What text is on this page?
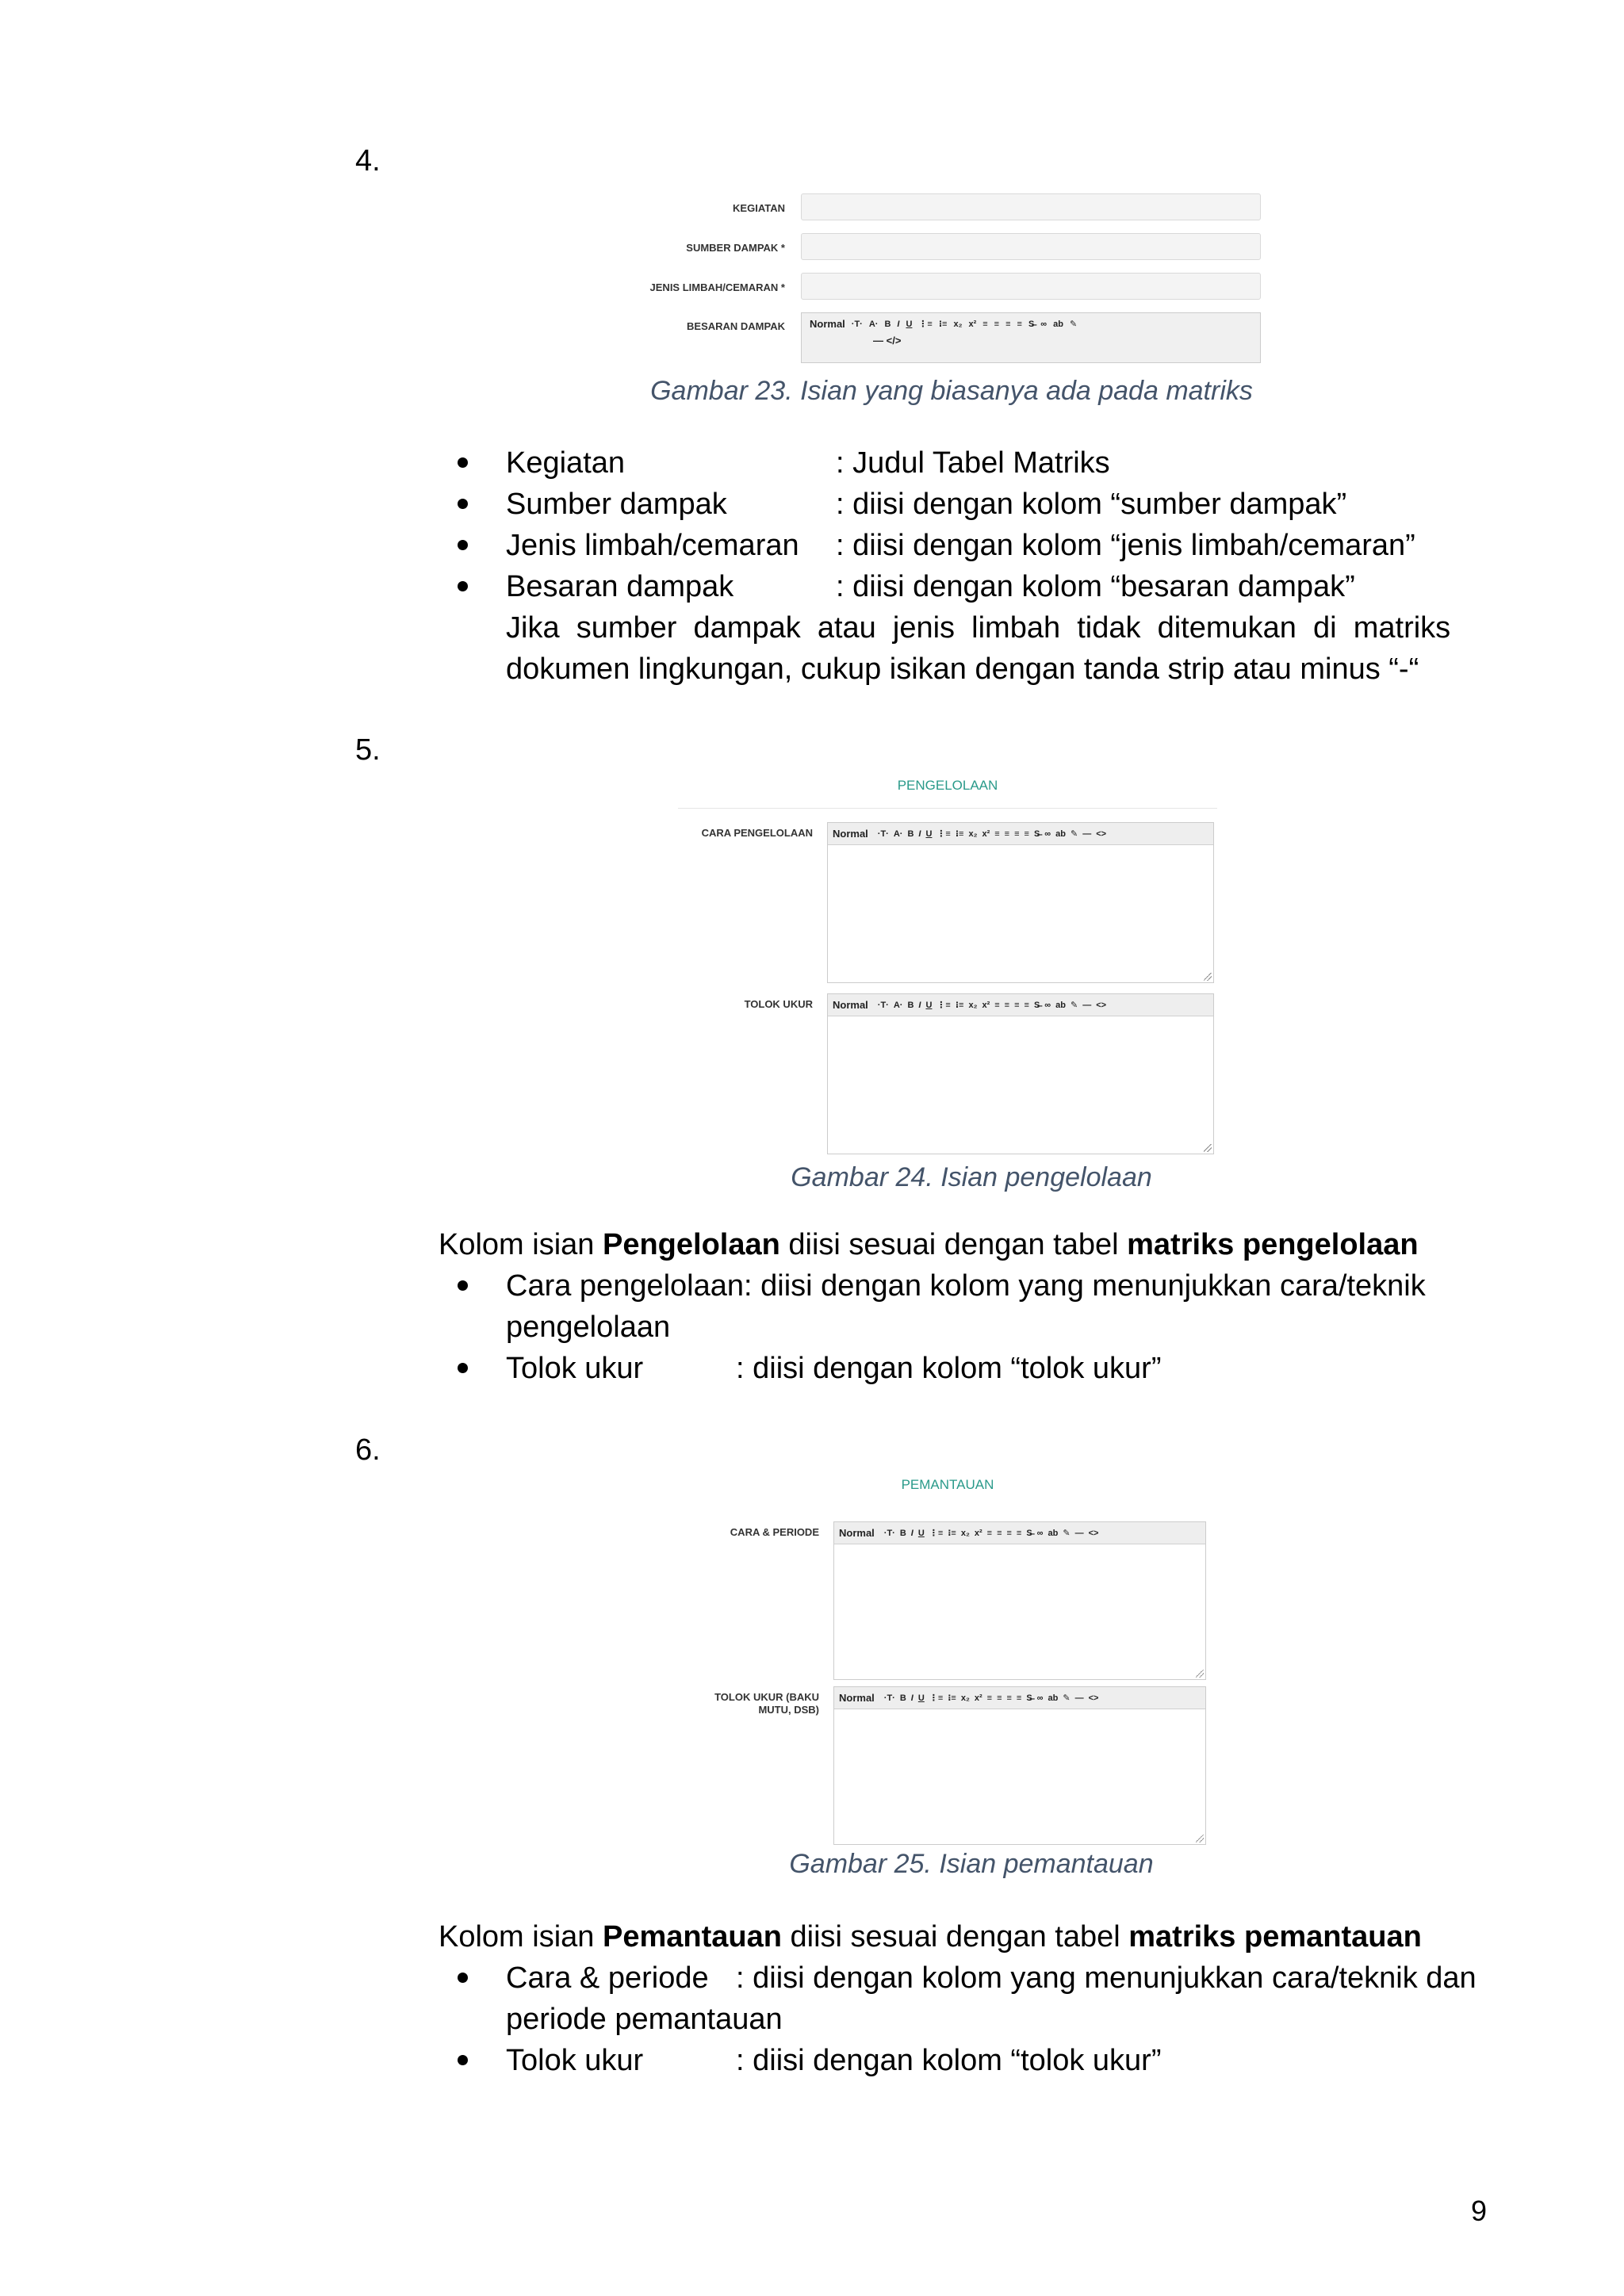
4.
KEGIATAN
SUMBER DAMPAK *
JENIS LIMBAH/CEMARAN *
BESARAN DAMPAK Normal ·T· A· B I U ⋮≡ ⁝≡ x₂ x² ≡ ≡ ≡ ≡ S̶ ∞ ab ✎
— </>
Gambar 23. Isian yang biasanya ada pada matriks
Kegiatan	: Judul Tabel Matriks
Sumber dampak	: diisi dengan kolom “sumber dampak”
Jenis limbah/cemaran : diisi dengan kolom “jenis limbah/cemaran”
Besaran dampak	: diisi dengan kolom “besaran dampak”
Jika  sumber  dampak  atau  jenis  limbah  tidak  ditemukan  di  matriks
dokumen lingkungan, cukup isikan dengan tanda strip atau minus “-“
5.
PENGELOLAAN
CARA PENGELOLAAN Normal ·T· A· B I U ⋮≡ ⁝≡ x₂ x² ≡ ≡ ≡ ≡ S̶ ∞ ab ✎ — <>
TOLOK UKUR Normal ·T· A· B I U ⋮≡ ⁝≡ x₂ x² ≡ ≡ ≡ ≡ S̶ ∞ ab ✎ — <>
Gambar 24. Isian pengelolaan
Kolom isian Pengelolaan diisi sesuai dengan tabel matriks pengelolaan
Cara pengelolaan: diisi dengan kolom yang menunjukkan cara/teknik
pengelolaan
Tolok ukur	: diisi dengan kolom “tolok ukur”
6.
PEMANTAUAN
CARA & PERIODE Normal ·T· B I U ⋮≡ ⁝≡ x₂ x² ≡ ≡ ≡ ≡ S̶ ∞ ab ✎ — <>
TOLOK UKUR (BAKU
MUTU, DSB)
Normal ·T· B I U ⋮≡ ⁝≡ x₂ x² ≡ ≡ ≡ ≡ S̶ ∞ ab ✎ — <>
Gambar 25. Isian pemantauan
Kolom isian Pemantauan diisi sesuai dengan tabel matriks pemantauan
Cara & periode : diisi dengan kolom yang menunjukkan cara/teknik dan
periode pemantauan
Tolok ukur	: diisi dengan kolom “tolok ukur”
9
